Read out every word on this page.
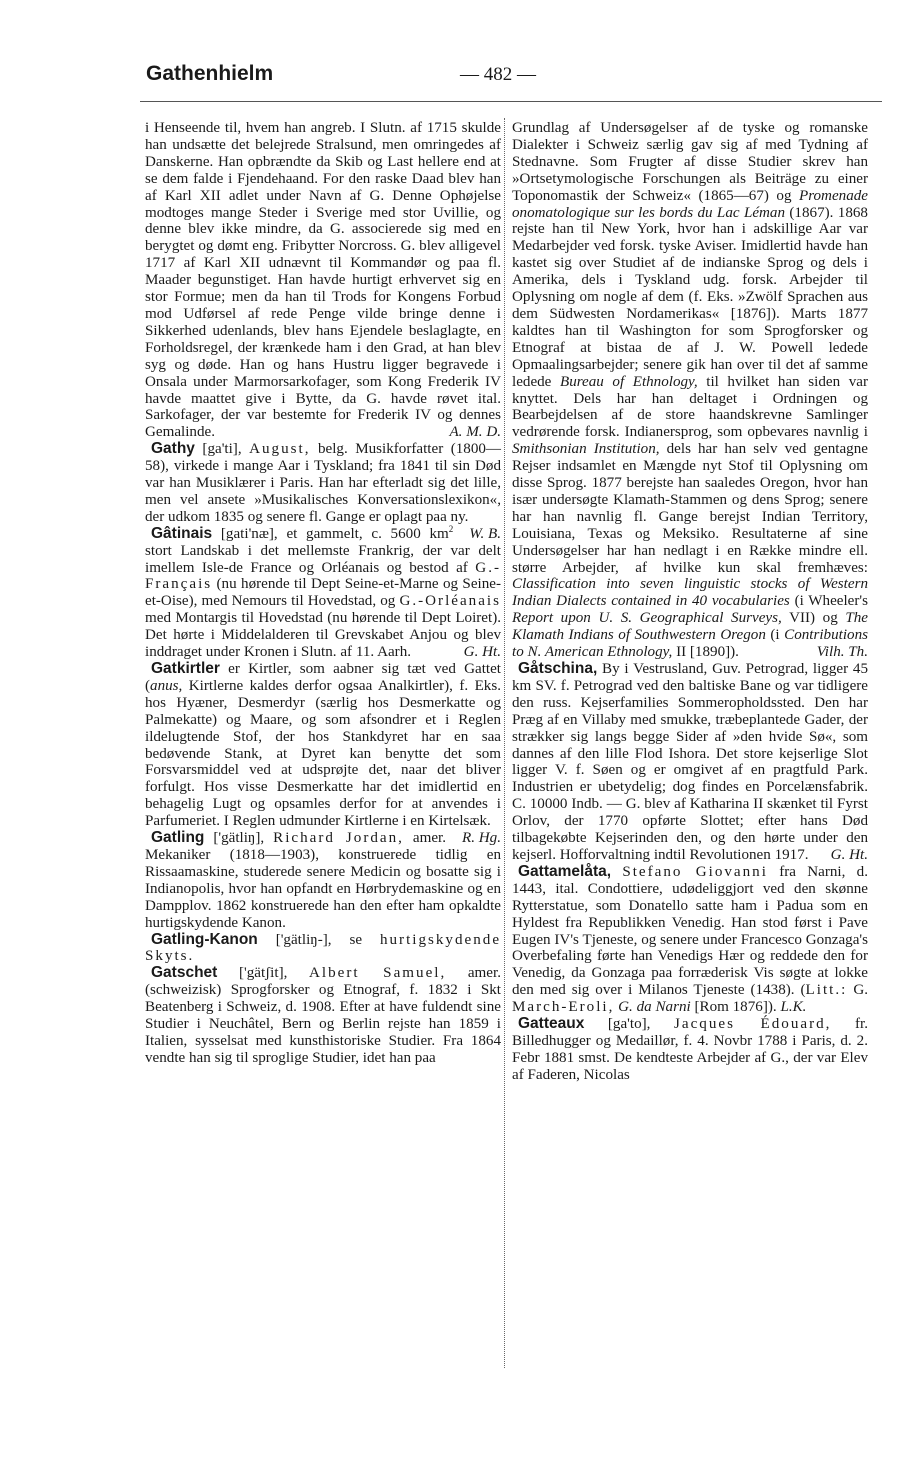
Gathenhielm	— 482 —

i Henseende til, hvem han angreb. I Slutn. af 1715 skulde han undsætte det belejrede Stralsund, men omringedes af Danskerne. Han opbrændte da Skib og Last hellere end at se dem falde i Fjendehaand. For den raske Daad blev han af Karl XII adlet under Navn af G. Denne Ophøjelse modtoges mange Steder i Sverige med stor Uvillie, og denne blev ikke mindre, da G. associerede sig med en berygtet og dømt eng. Fribytter Norcross. G. blev alligevel 1717 af Karl XII udnævnt til Kommandør og paa fl. Maader begunstiget. Han havde hurtigt erhvervet sig en stor Formue; men da han til Trods for Kongens Forbud mod Udførsel af rede Penge vilde bringe denne i Sikkerhed udenlands, blev hans Ejendele beslaglagte, en Forholdsregel, der krænkede ham i den Grad, at han blev syg og døde. Han og hans Hustru ligger begravede i Onsala under Marmorsarkofager, som Kong Frederik IV havde maattet give i Bytte, da G. havde røvet ital. Sarkofager, der var bestemte for Frederik IV og dennes Gemalinde.	A. M. D.

Gathy [ga'ti], August, belg. Musikforfatter (1800—58), virkede i mange Aar i Tyskland; fra 1841 til sin Død var han Musiklærer i Paris. Han har efterladt sig det lille, men vel ansete »Musikalisches Konversationslexikon«, der udkom 1835 og senere fl. Gange er oplagt paa ny.
W. B.

Gâtinais [gati'næ], et gammelt, c. 5600 $km^2$ stort Landskab i det mellemste Frankrig, der var delt imellem Isle-de France og Orléanais og bestod af G.-Français (nu hørende til Dept Seine-et-Marne og Seine-et-Oise), med Nemours til Hovedstad, og G.-Orléanais med Montargis til Hovedstad (nu hørende til Dept Loiret). Det hørte i Middelalderen til Grevskabet Anjou og blev inddraget under Kronen i Slutn. af 11. Aarh.	G. Ht.

Gatkirtler er Kirtler, som aabner sig tæt ved Gattet (anus, Kirtlerne kaldes derfor ogsaa Analkirtler), f. Eks. hos Hyæner, Desmerdyr (særlig hos Desmerkatte og Palmekatte) og Maare, og som afsondrer et i Reglen ildelugtende Stof, der hos Stankdyret har en saa bedøvende Stank, at Dyret kan benytte det som Forsvarsmiddel ved at udsprøjte det, naar det bliver forfulgt. Hos visse Desmerkatte har det imidlertid en behagelig Lugt og opsamles derfor for at anvendes i Parfumeriet. I Reglen udmunder Kirtlerne i en Kirtelsæk.
R. Hg.

Gatling ['gätliŋ], Richard Jordan, amer. Mekaniker (1818—1903), konstruerede tidlig en Rissaamaskine, studerede senere Medicin og bosatte sig i Indianopolis, hvor han opfandt en Hørbrydemaskine og en Dampplov. 1862 konstruerede han den efter ham opkaldte hurtigskydende Kanon.

Gatling-Kanon ['gätliŋ-], se hurtigskydende Skyts.

Gatschet ['gätʃit], Albert Samuel, amer. (schweizisk) Sprogforsker og Etnograf, f. 1832 i Skt Beatenberg i Schweiz, d. 1908. Efter at have fuldendt sine Studier i Neuchâtel, Bern og Berlin rejste han 1859 i Italien, sysselsat med kunsthistoriske Studier. Fra 1864 vendte han sig til sproglige Studier, idet han paa

Grundlag af Undersøgelser af de tyske og romanske Dialekter i Schweiz særlig gav sig af med Tydning af Stednavne. Som Frugter af disse Studier skrev han »Ortsetymologische Forschungen als Beiträge zu einer Toponomastik der Schweiz« (1865—67) og Promenade onomatologique sur les bords du Lac Léman (1867). 1868 rejste han til New York, hvor han i adskillige Aar var Medarbejder ved forsk. tyske Aviser. Imidlertid havde han kastet sig over Studiet af de indianske Sprog og dels i Amerika, dels i Tyskland udg. forsk. Arbejder til Oplysning om nogle af dem (f. Eks. »Zwölf Sprachen aus dem Südwesten Nordamerikas« [1876]). Marts 1877 kaldtes han til Washington for som Sprogforsker og Etnograf at bistaa de af J. W. Powell ledede Opmaalingsarbejder; senere gik han over til det af samme ledede Bureau of Ethnology, til hvilket han siden var knyttet. Dels har han deltaget i Ordningen og Bearbejdelsen af de store haandskrevne Samlinger vedrørende forsk. Indianersprog, som opbevares navnlig i Smithsonian Institution, dels har han selv ved gentagne Rejser indsamlet en Mængde nyt Stof til Oplysning om disse Sprog. 1877 berejste han saaledes Oregon, hvor han især undersøgte Klamath-Stammen og dens Sprog; senere har han navnlig fl. Gange berejst Indian Territory, Louisiana, Texas og Meksiko. Resultaterne af sine Undersøgelser har han nedlagt i en Række mindre ell. større Arbejder, af hvilke kun skal fremhæves: Classification into seven linguistic stocks of Western Indian Dialects contained in 40 vocabularies (i Wheeler's Report upon U. S. Geographical Surveys, VII) og The Klamath Indians of Southwestern Oregon (i Contributions to N. American Ethnology, II [1890]).	Vilh. Th.

Gåtschina, By i Vestrusland, Guv. Petrograd, ligger 45 km SV. f. Petrograd ved den baltiske Bane og var tidligere den russ. Kejserfamilies Sommeropholdssted. Den har Præg af en Villaby med smukke, træbeplantede Gader, der strækker sig langs begge Sider af »den hvide Sø«, som dannes af den lille Flod Ishora. Det store kejserlige Slot ligger V. f. Søen og er omgivet af en pragtfuld Park. Industrien er ubetydelig; dog findes en Porcelænsfabrik. C. 10000 Indb. — G. blev af Katharina II skænket til Fyrst Orlov, der 1770 opførte Slottet; efter hans Død tilbagekøbte Kejserinden den, og den hørte under den kejserl. Hofforvaltning indtil Revolutionen 1917.	G. Ht.

Gattamelåta, Stefano Giovanni fra Narni, d. 1443, ital. Condottiere, udødeliggjort ved den skønne Rytterstatue, som Donatello satte ham i Padua som en Hyldest fra Republikken Venedig. Han stod først i Pave Eugen IV's Tjeneste, og senere under Francesco Gonzaga's Overbefaling førte han Venedigs Hær og reddede den for Venedig, da Gonzaga paa forræderisk Vis søgte at lokke den med sig over i Milanos Tjeneste (1438). (Litt.: G. March-Eroli, G. da Narni [Rom 1876]). L.K.

Gatteaux [ga'to], Jacques Édouard, fr. Billedhugger og Medaillør, f. 4. Novbr 1788 i Paris, d. 2. Febr 1881 smst. De kendteste Arbejder af G., der var Elev af Faderen, Nicolas
